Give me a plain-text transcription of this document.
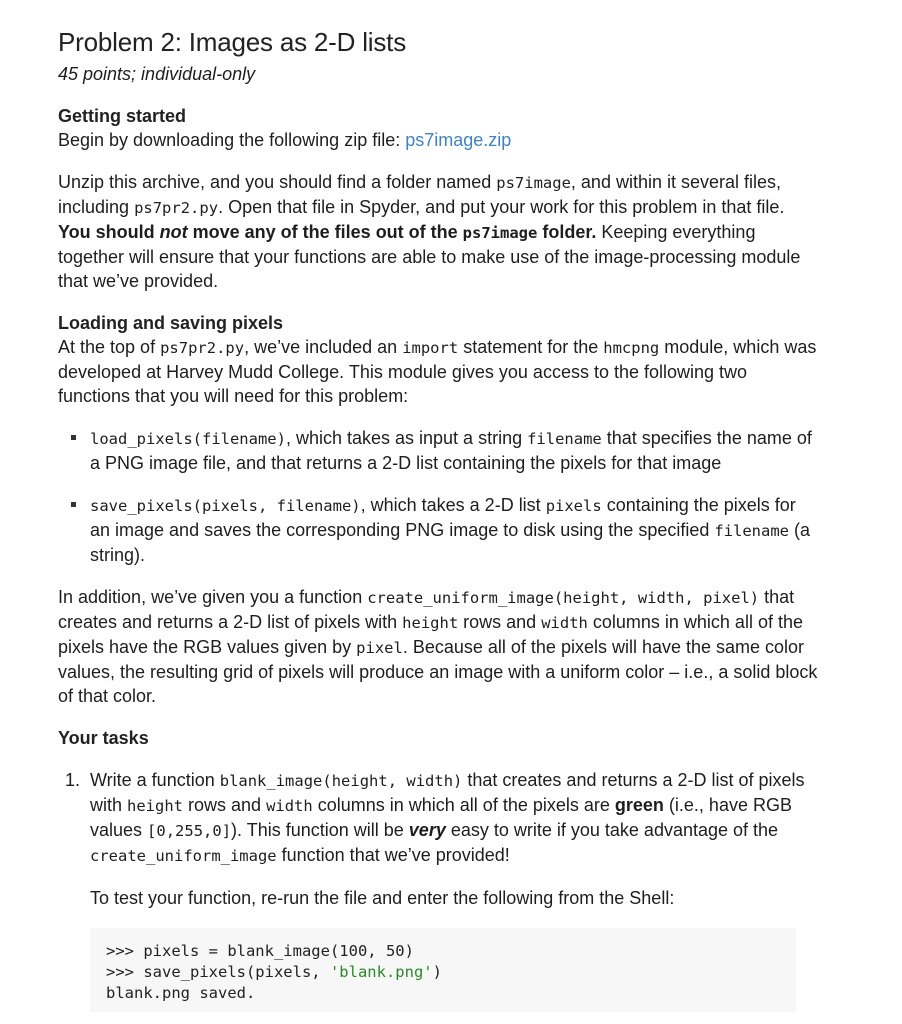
Problem 2: Images as 2-D lists

45 points; individual-only

Getting started

Begin by downloading the following zip file: ps7image.zip

Unzip this archive, and you should find a folder named ps7image, and within it several files, including ps7pr2.py. Open that file in Spyder, and put your work for this problem in that file. You should not move any of the files out of the ps7image folder. Keeping everything together will ensure that your functions are able to make use of the image-processing module that we’ve provided.

Loading and saving pixels

At the top of ps7pr2.py, we’ve included an import statement for the hmcpng module, which was developed at Harvey Mudd College. This module gives you access to the following two functions that you will need for this problem:

load_pixels(filename), which takes as input a string filename that specifies the name of a PNG image file, and that returns a 2-D list containing the pixels for that image
save_pixels(pixels, filename), which takes a 2-D list pixels containing the pixels for an image and saves the corresponding PNG image to disk using the specified filename (a string).

In addition, we’ve given you a function create_uniform_image(height, width, pixel) that creates and returns a 2-D list of pixels with height rows and width columns in which all of the pixels have the RGB values given by pixel. Because all of the pixels will have the same color values, the resulting grid of pixels will produce an image with a uniform color – i.e., a solid block of that color.

Your tasks
1. Write a function blank_image(height, width) that creates and returns a 2-D list of pixels with height rows and width columns in which all of the pixels are green (i.e., have RGB values [0,255,0]). This function will be very easy to write if you take advantage of the create_uniform_image function that we’ve provided!

To test your function, re-run the file and enter the following from the Shell:

>>> pixels = blank_image(100, 50)
>>> save_pixels(pixels, 'blank.png')
blank.png saved.
